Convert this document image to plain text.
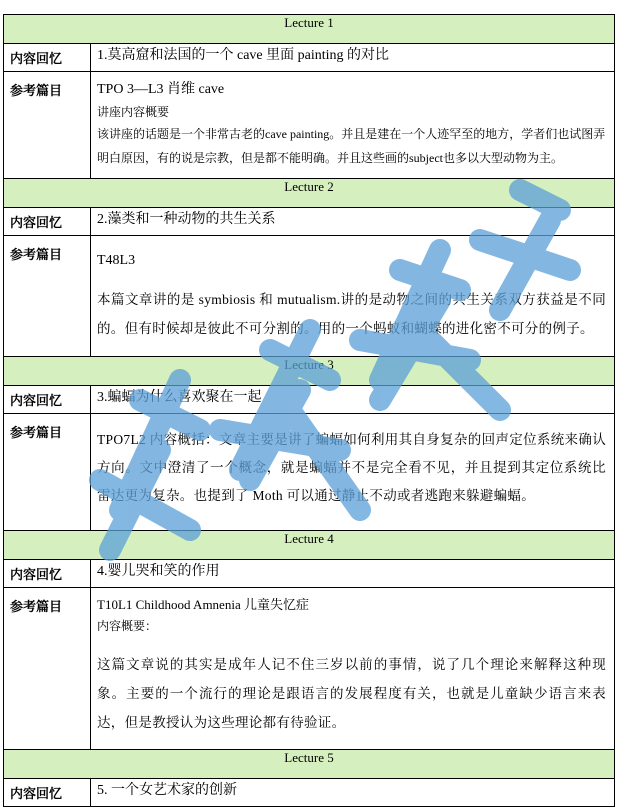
Lecture 1	
内容回忆	1.莫高窟和法国的一个 cave 里面 painting 的对比
参考篇目	TPO 3—L3 肖维 cave
讲座内容概要
该讲座的话题是一个非常古老的cave painting。并且是建在一个人迹罕至的地方，学者们也试图弄明白原因，有的说是宗教，但是都不能明确。并且这些画的subject也多以大型动物为主。

Lecture 2	
内容回忆	2.藻类和一种动物的共生关系
参考篇目	T48L3
本篇文章讲的是 symbiosis 和 mutualism.讲的是动物之间的共生关系双方获益是不同的。但有时候却是彼此不可分割的。用的一个蚂蚁和蝴蝶的进化密不可分的例子。

Lecture 3	
内容回忆	3.蝙蝠为什么喜欢聚在一起
参考篇目	TPO7L2 内容概括：文章主要是讲了蝙蝠如何利用其自身复杂的回声定位系统来确认方向。文中澄清了一个概念，就是蝙蝠并不是完全看不见，并且提到其定位系统比雷达更为复杂。也提到了 Moth 可以通过静止不动或者逃跑来躲避蝙蝠。

Lecture 4	
内容回忆	4.婴儿哭和笑的作用
参考篇目	T10L1 Childhood Amnenia 儿童失忆症
内容概要：
这篇文章说的其实是成年人记不住三岁以前的事情，说了几个理论来解释这种现象。主要的一个流行的理论是跟语言的发展程度有关，也就是儿童缺少语言来表达，但是教授认为这些理论都有待验证。

Lecture 5	
内容回忆	5. 一个女艺术家的创新
